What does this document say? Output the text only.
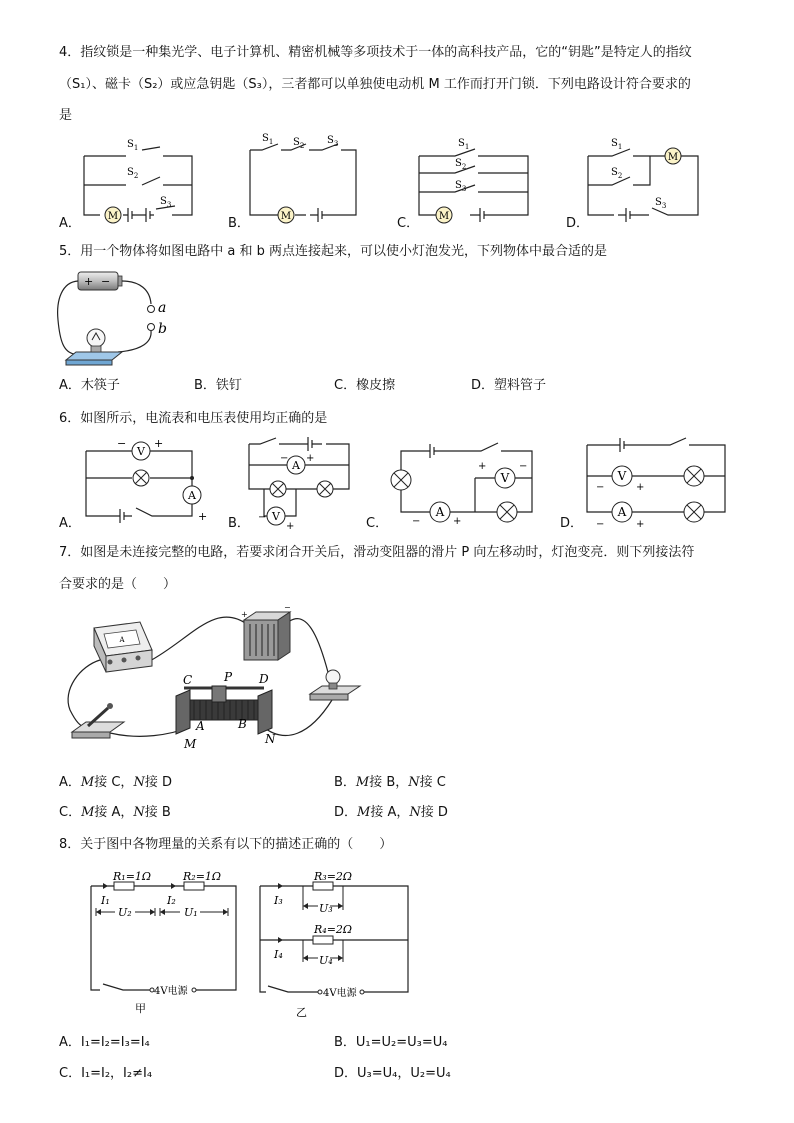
4．指纹锁是一种集光学、电子计算机、精密机械等多项技术于一体的高科技产品，它的“钥匙”是特定人的指纹
（S₁）、磁卡（S₂）或应急钥匙（S₃），三者都可以单独使电动机 M 工作而打开门锁．下列电路设计符合要求的
是
A．	B．	C．	D．
M
$S_1$
$S_2$
$S_3$
M
$S_1$ $S_2$ $S_3$
M
$S_1$
$S_2$
$S_3$
M
$S_1$
$S_2$
$S_3$
5．用一个物体将如图电路中 a 和 b 两点连接起来，可以使小灯泡发光，下列物体中最合适的是
+ −
a
b
A．木筷子	B．铁钉	C．橡皮擦	D．塑料管子
6．如图所示，电流表和电压表使用均正确的是
A．	B．	C．	D．
V
−	+
A
+
A
− +
V
−
+
V
+	−
A
−	+
V
−	+
A
−	+
7．如图是未连接完整的电路，若要求闭合开关后，滑动变阻器的滑片 P 向左移动时，灯泡变亮．则下列接法符
合要求的是（　　）
A
+
−
C	P D
A	B
M	N
A．M接 C，N接 D	B．M接 B，N接 C
C．M接 A，N接 B	D．M接 A，N接 D
8．关于图中各物理量的关系有以下的描述正确的（　　）
R₁=1Ω	R₂=1Ω
I₁	I₂
U₂	U₁
4V电源
甲
R₃=2Ω
R₄=2Ω
I₃
I₄
U₃
U₄
4V电源
乙
A．I₁=I₂=I₃=I₄	B．U₁=U₂=U₃=U₄
C．I₁=I₂，I₂≠I₄	D．U₃=U₄，U₂=U₄
